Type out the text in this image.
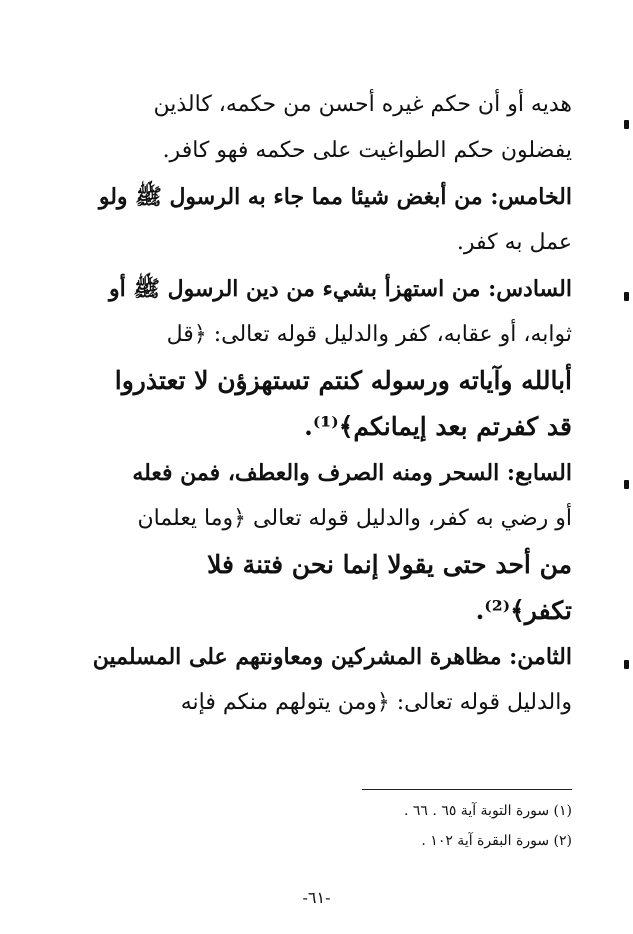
هديه أو أن حكم غيره أحسن من حكمه، كالذين
يفضلون حكم الطواغيت على حكمه فهو كافر.
الخامس: من أبغض شيئا مما جاء به الرسول ﷺ ولو
عمل به كفر.
السادس: من استهزأ بشيء من دين الرسول ﷺ أو
ثوابه، أو عقابه، كفر والدليل قوله تعالى: ﴿قل
أبالله وآياته ورسوله كنتم تستهزؤن لا تعتذروا
قد كفرتم بعد إيمانكم﴾⁽¹⁾.
السابع: السحر ومنه الصرف والعطف، فمن فعله
أو رضي به كفر، والدليل قوله تعالى ﴿وما يعلمان
من أحد حتى يقولا إنما نحن فتنة فلا
تكفر﴾⁽²⁾.
الثامن: مظاهرة المشركين ومعاونتهم على المسلمين
والدليل قوله تعالى: ﴿ومن يتولهم منكم فإنه
(١) سورة التوبة آية ٦٥ . ٦٦ .
(٢) سورة البقرة آية ١٠٢ .
-٦١-
